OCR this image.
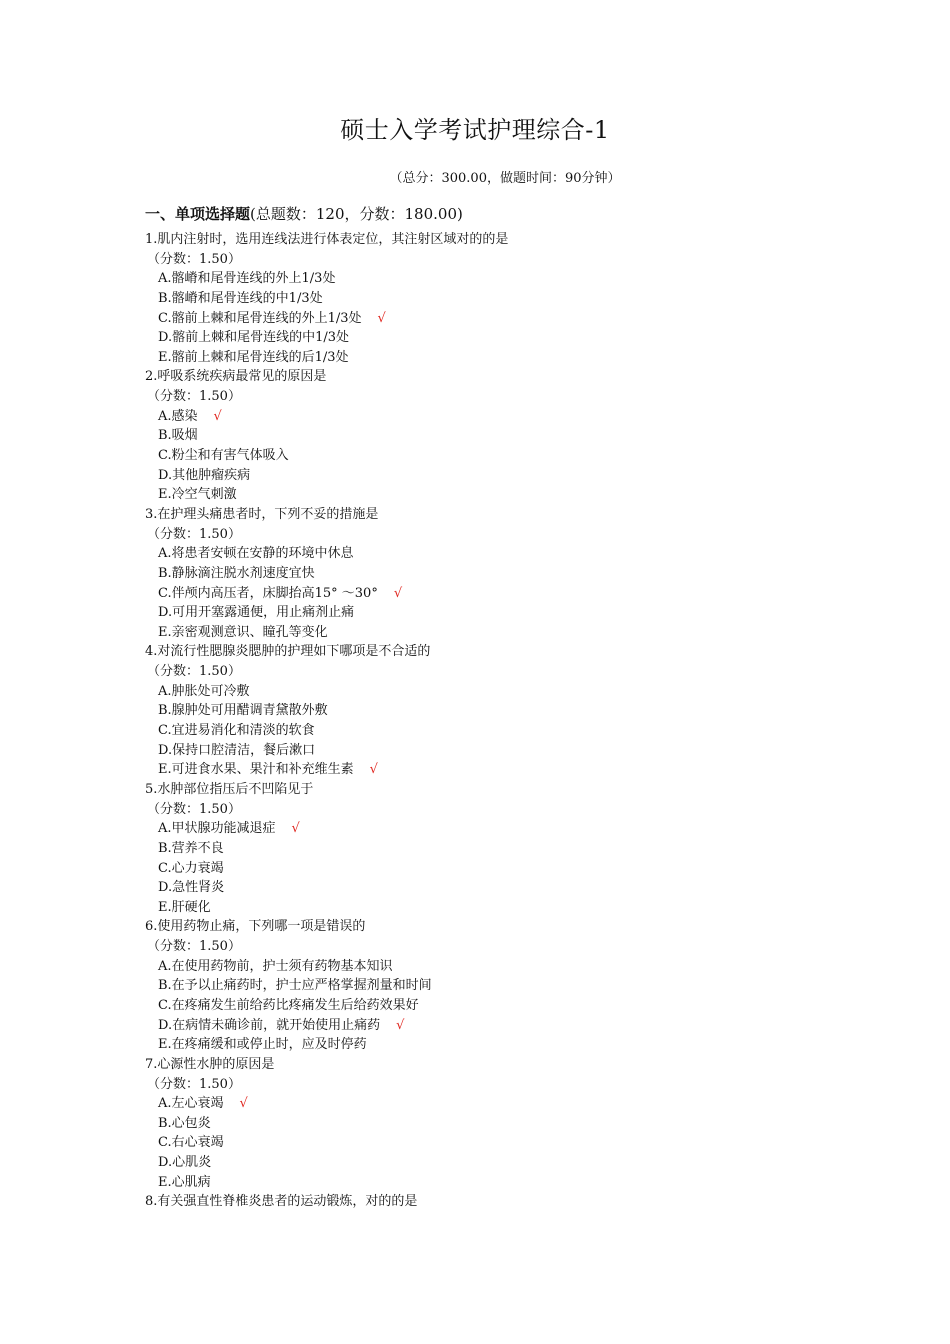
硕士入学考试护理综合-1
（总分：300.00，做题时间：90分钟）
一、单项选择题(总题数：120，分数：180.00)
1.肌内注射时，选用连线法进行体表定位，其注射区域对的的是
（分数：1.50）
A.髂嵴和尾骨连线的外上1/3处
B.髂嵴和尾骨连线的中1/3处
C.髂前上棘和尾骨连线的外上1/3处 √
D.髂前上棘和尾骨连线的中1/3处
E.髂前上棘和尾骨连线的后1/3处
2.呼吸系统疾病最常见的原因是
（分数：1.50）
A.感染 √
B.吸烟
C.粉尘和有害气体吸入
D.其他肿瘤疾病
E.冷空气刺激
3.在护理头痛患者时，下列不妥的措施是
（分数：1.50）
A.将患者安顿在安静的环境中休息
B.静脉滴注脱水剂速度宜快
C.伴颅内高压者，床脚抬高15° ～30° √
D.可用开塞露通便，用止痛剂止痛
E.亲密观测意识、瞳孔等变化
4.对流行性腮腺炎腮肿的护理如下哪项是不合适的
（分数：1.50）
A.肿胀处可冷敷
B.腺肿处可用醋调青黛散外敷
C.宜进易消化和清淡的软食
D.保持口腔清洁，餐后漱口
E.可进食水果、果汁和补充维生素 √
5.水肿部位指压后不凹陷见于
（分数：1.50）
A.甲状腺功能减退症 √
B.营养不良
C.心力衰竭
D.急性肾炎
E.肝硬化
6.使用药物止痛，下列哪一项是错误的
（分数：1.50）
A.在使用药物前，护士须有药物基本知识
B.在予以止痛药时，护士应严格掌握剂量和时间
C.在疼痛发生前给药比疼痛发生后给药效果好
D.在病情未确诊前，就开始使用止痛药 √
E.在疼痛缓和或停止时，应及时停药
7.心源性水肿的原因是
（分数：1.50）
A.左心衰竭 √
B.心包炎
C.右心衰竭
D.心肌炎
E.心肌病
8.有关强直性脊椎炎患者的运动锻炼，对的的是
